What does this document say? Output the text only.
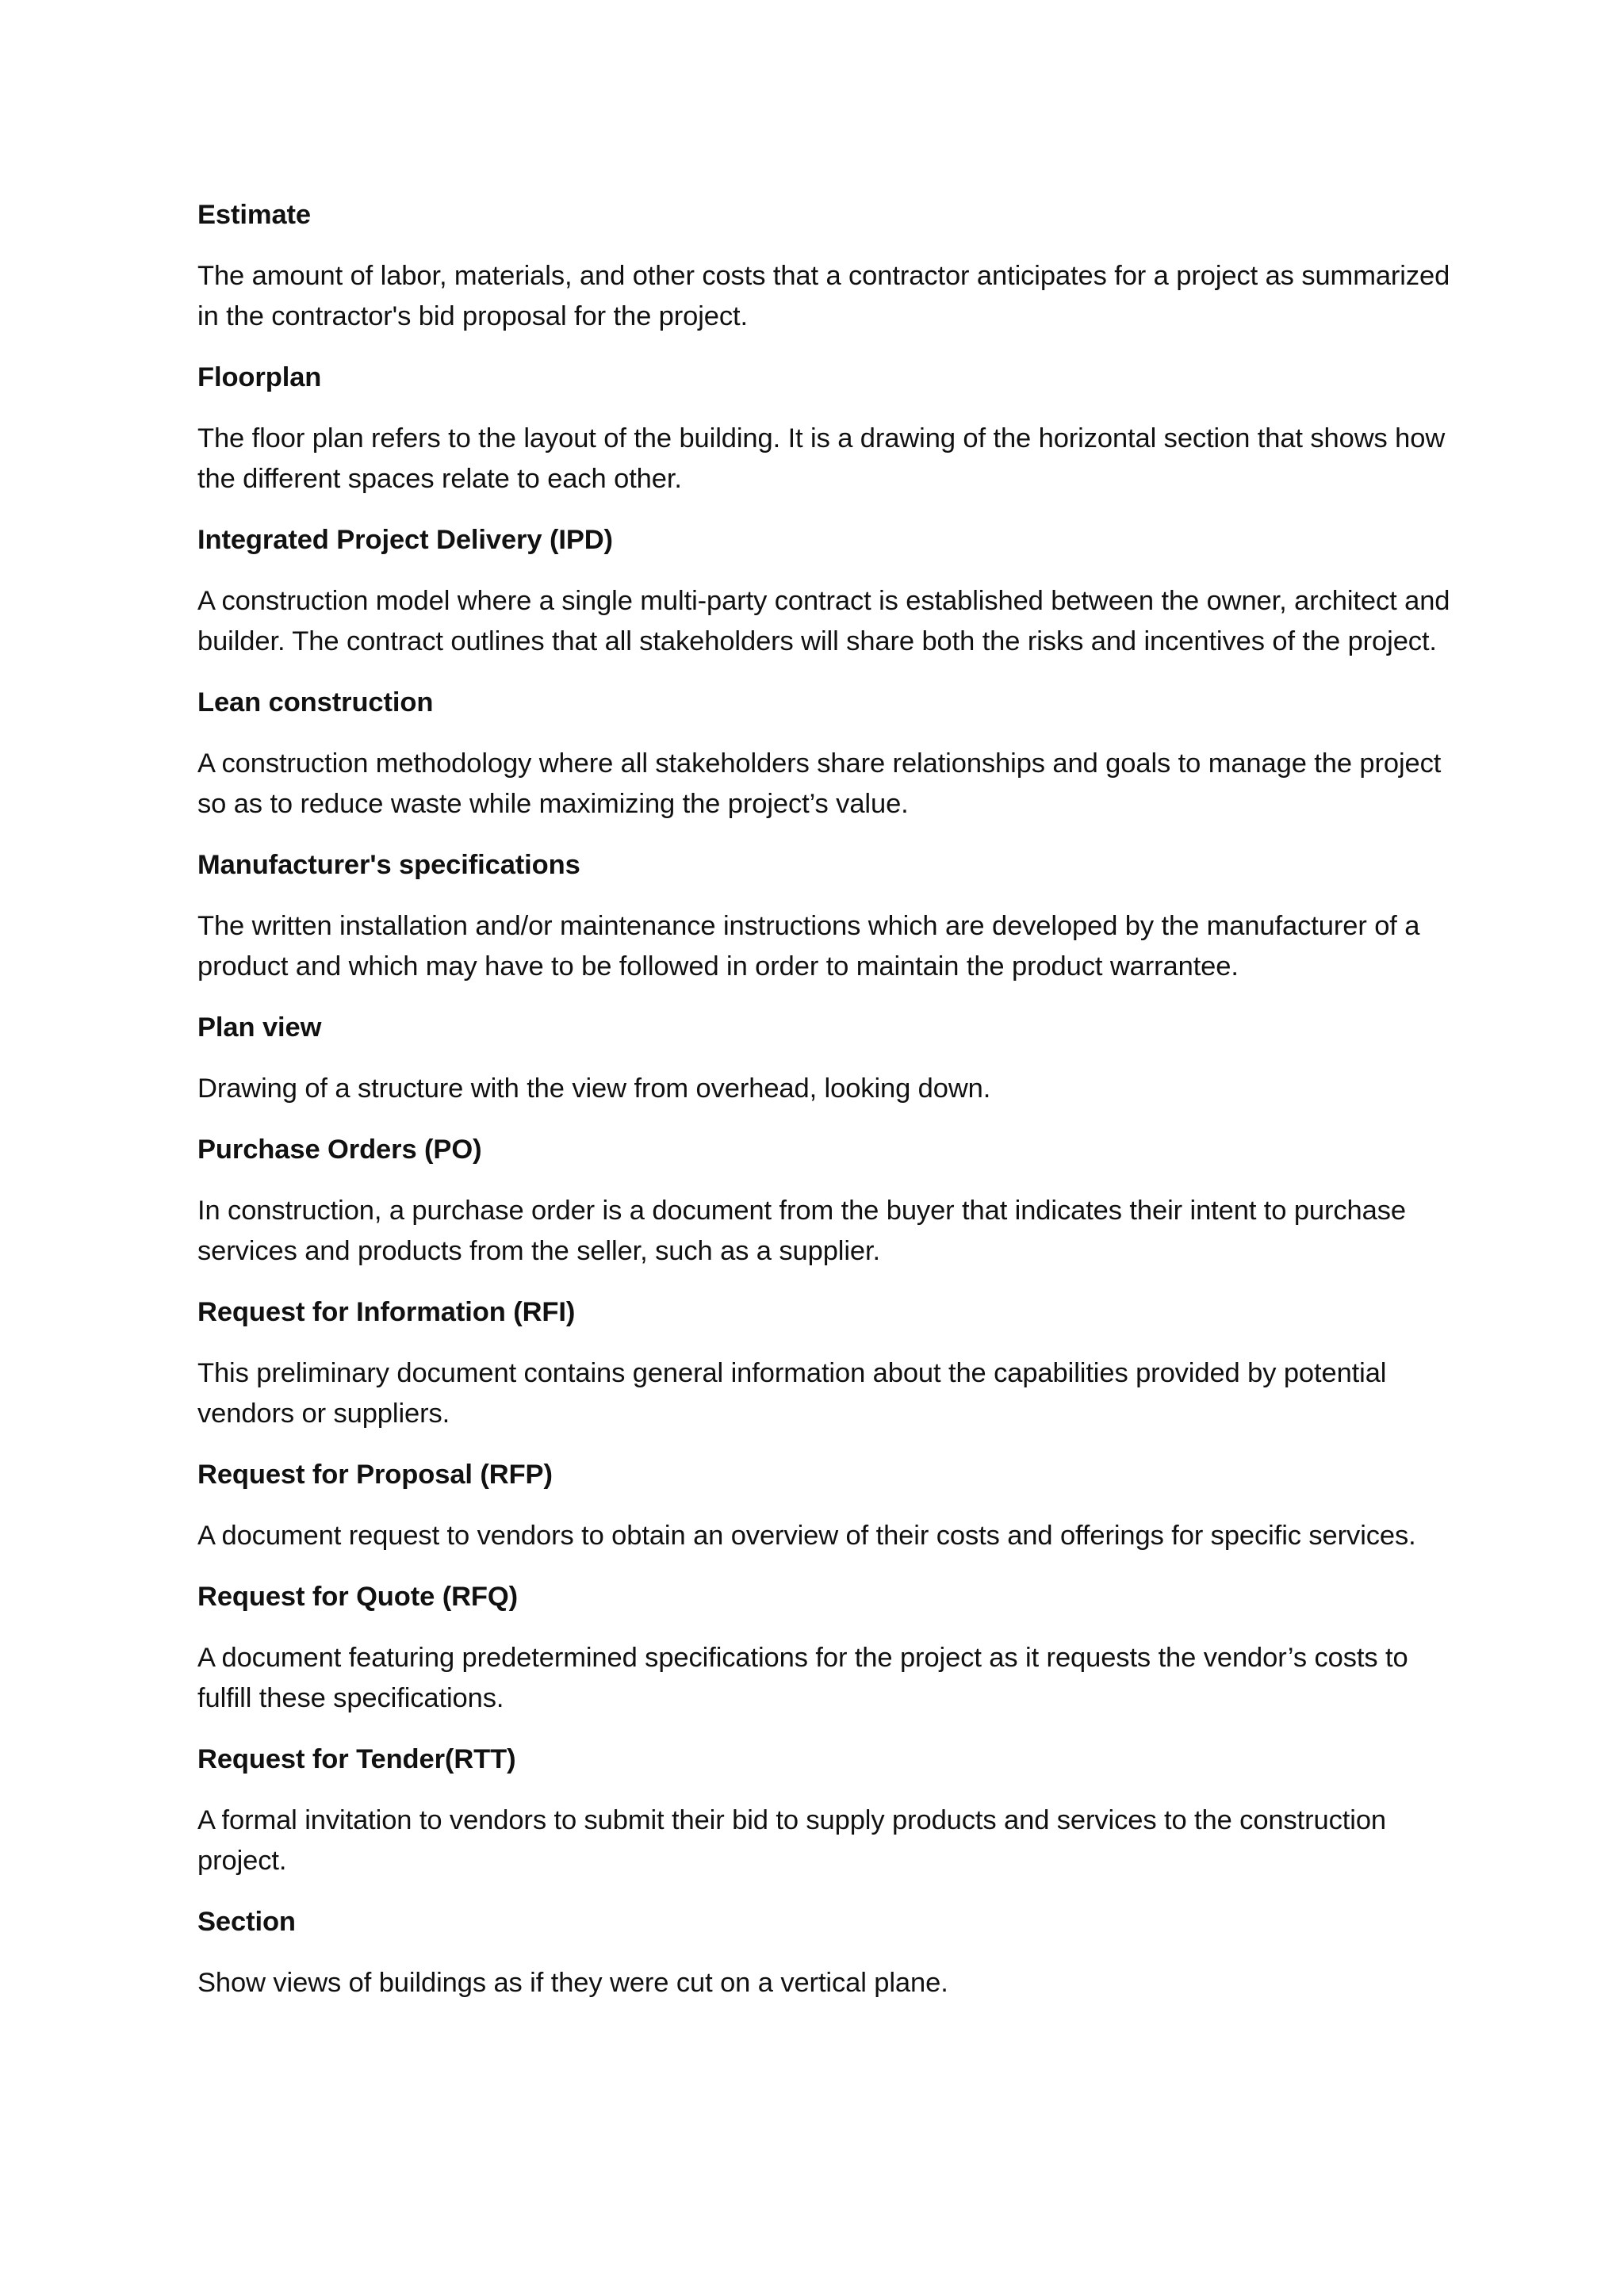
Estimate

The amount of labor, materials, and other costs that a contractor anticipates for a project as summarized in the contractor's bid proposal for the project.

Floorplan

The floor plan refers to the layout of the building. It is a drawing of the horizontal section that shows how the different spaces relate to each other.

Integrated Project Delivery (IPD)

A construction model where a single multi-party contract is established between the owner, architect and builder. The contract outlines that all stakeholders will share both the risks and incentives of the project.

Lean construction

A construction methodology where all stakeholders share relationships and goals to manage the project so as to reduce waste while maximizing the project’s value.

Manufacturer's specifications

The written installation and/or maintenance instructions which are developed by the manufacturer of a product and which may have to be followed in order to maintain the product warrantee.

Plan view

Drawing of a structure with the view from overhead, looking down.

Purchase Orders (PO)

In construction, a purchase order is a document from the buyer that indicates their intent to purchase services and products from the seller, such as a supplier.

Request for Information (RFI)

This preliminary document contains general information about the capabilities provided by potential vendors or suppliers.

Request for Proposal (RFP)

A document request to vendors to obtain an overview of their costs and offerings for specific services.

Request for Quote (RFQ)

A document featuring predetermined specifications for the project as it requests the vendor’s costs to fulfill these specifications.

Request for Tender(RTT)

A formal invitation to vendors to submit their bid to supply products and services to the construction project.

Section

Show views of buildings as if they were cut on a vertical plane.
